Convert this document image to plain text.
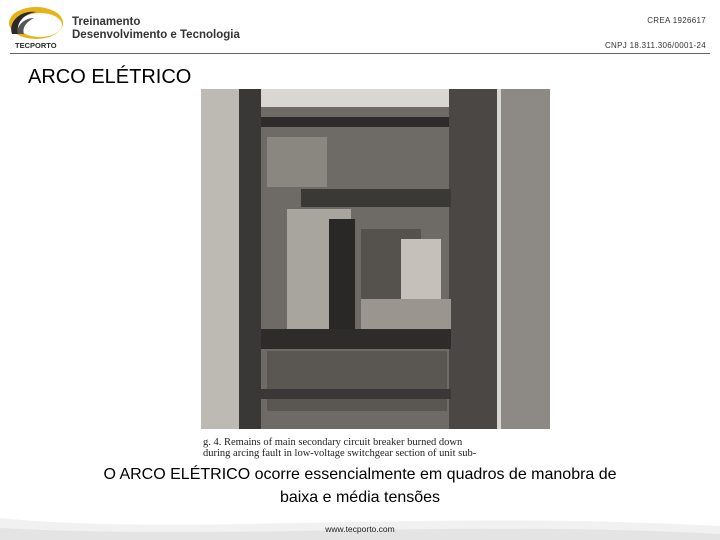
TECPORTO
Treinamento
Desenvolvimento e Tecnologia
CREA 1926617
CNPJ 18.311.306/0001-24
ARCO ELÉTRICO
g. 4. Remains of main secondary circuit breaker burned down
during arcing fault in low-voltage switchgear section of unit sub-
O ARCO ELÉTRICO ocorre essencialmente em quadros de manobra de
baixa e média tensões
www.tecporto.com
